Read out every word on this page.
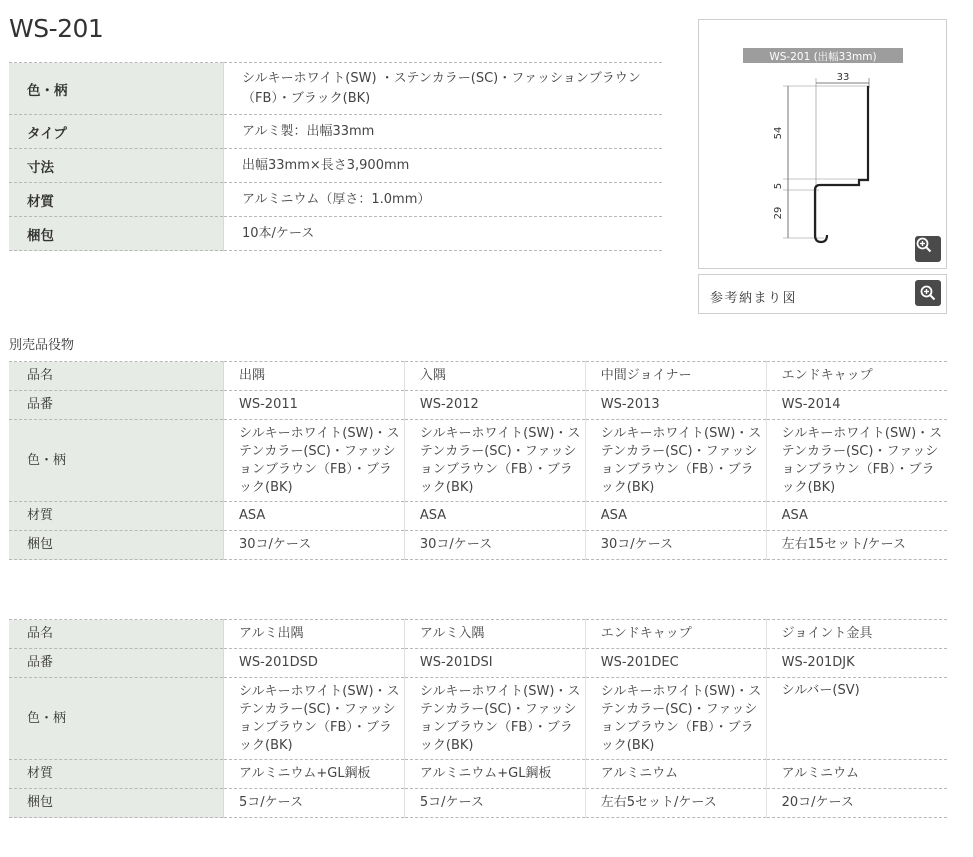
WS-201
色・柄	シルキーホワイト(SW) ・ステンカラー(SC)・ファッションブラウン（FB）・ブラック(BK)
タイプ	アルミ製：出幅33mm
寸法	出幅33mm×長さ3,900mm
材質	アルミニウム（厚さ：1.0mm）
梱包	10本/ケース
WS-201 (出幅33mm)
33
54
5
29
参考納まり図
別売品役物
品名	出隅	入隅	中間ジョイナー	エンドキャップ
品番	WS-2011	WS-2012	WS-2013	WS-2014
色・柄	シルキーホワイト(SW)・ステンカラー(SC)・ファッションブラウン（FB）・ブラック(BK)	シルキーホワイト(SW)・ステンカラー(SC)・ファッションブラウン（FB）・ブラック(BK)	シルキーホワイト(SW)・ステンカラー(SC)・ファッションブラウン（FB）・ブラック(BK)	シルキーホワイト(SW)・ステンカラー(SC)・ファッションブラウン（FB）・ブラック(BK)
材質	ASA	ASA	ASA	ASA
梱包	30コ/ケース	30コ/ケース	30コ/ケース	左右15セット/ケース
品名	アルミ出隅	アルミ入隅	エンドキャップ	ジョイント金具
品番	WS-201DSD	WS-201DSI	WS-201DEC	WS-201DJK
色・柄	シルキーホワイト(SW)・ステンカラー(SC)・ファッションブラウン（FB）・ブラック(BK)	シルキーホワイト(SW)・ステンカラー(SC)・ファッションブラウン（FB）・ブラック(BK)	シルキーホワイト(SW)・ステンカラー(SC)・ファッションブラウン（FB）・ブラック(BK)	シルバー(SV)
材質	アルミニウム+GL鋼板	アルミニウム+GL鋼板	アルミニウム	アルミニウム
梱包	5コ/ケース	5コ/ケース	左右5セット/ケース	20コ/ケース
